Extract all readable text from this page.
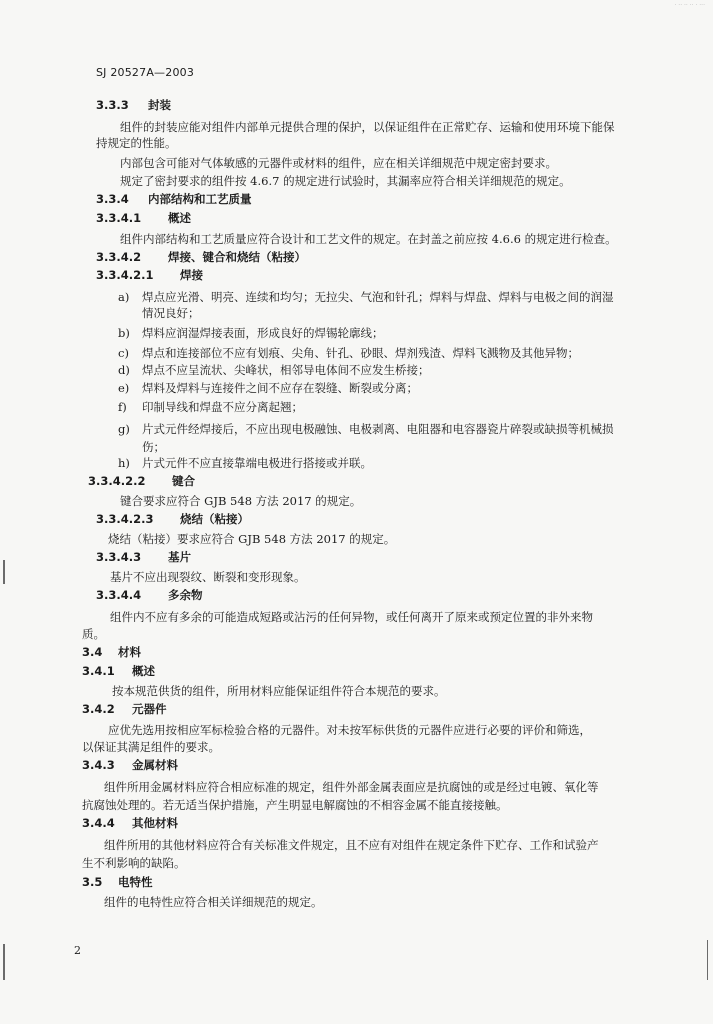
· ·· ·· ·· · ···
SJ 20527A—2003
3.3.3 封装
组件的封装应能对组件内部单元提供合理的保护，以保证组件在正常贮存、运输和使用环境下能保
持规定的性能。
内部包含可能对气体敏感的元器件或材料的组件，应在相关详细规范中规定密封要求。
规定了密封要求的组件按 4.6.7 的规定进行试验时，其漏率应符合相关详细规范的规定。
3.3.4 内部结构和工艺质量
3.3.4.1 概述
组件内部结构和工艺质量应符合设计和工艺文件的规定。在封盖之前应按 4.6.6 的规定进行检查。
3.3.4.2 焊接、键合和烧结（粘接）
3.3.4.2.1 焊接
a) 焊点应光滑、明亮、连续和均匀；无拉尖、气泡和针孔；焊料与焊盘、焊料与电极之间的润湿
情况良好；
b) 焊料应润湿焊接表面，形成良好的焊锡轮廓线；
c) 焊点和连接部位不应有划痕、尖角、针孔、砂眼、焊剂残渣、焊料飞溅物及其他异物；
d) 焊点不应呈流状、尖峰状，相邻导电体间不应发生桥接；
e) 焊料及焊料与连接件之间不应存在裂缝、断裂或分离；
f) 印制导线和焊盘不应分离起翘；
g) 片式元件经焊接后，不应出现电极融蚀、电极剥离、电阻器和电容器瓷片碎裂或缺损等机械损
伤；
h) 片式元件不应直接靠端电极进行搭接或并联。
3.3.4.2.2 键合
键合要求应符合 GJB 548 方法 2017 的规定。
3.3.4.2.3 烧结（粘接）
烧结（粘接）要求应符合 GJB 548 方法 2017 的规定。
3.3.4.3 基片
基片不应出现裂纹、断裂和变形现象。
3.3.4.4 多余物
组件内不应有多余的可能造成短路或沾污的任何异物，或任何离开了原来或预定位置的非外来物
质。
3.4 材料
3.4.1 概述
按本规范供货的组件，所用材料应能保证组件符合本规范的要求。
3.4.2 元器件
应优先选用按相应军标检验合格的元器件。对未按军标供货的元器件应进行必要的评价和筛选，
以保证其满足组件的要求。
3.4.3 金属材料
组件所用金属材料应符合相应标准的规定，组件外部金属表面应是抗腐蚀的或是经过电镀、氧化等
抗腐蚀处理的。若无适当保护措施，产生明显电解腐蚀的不相容金属不能直接接触。
3.4.4 其他材料
组件所用的其他材料应符合有关标准文件规定，且不应有对组件在规定条件下贮存、工作和试验产
生不利影响的缺陷。
3.5 电特性
组件的电特性应符合相关详细规范的规定。
2
